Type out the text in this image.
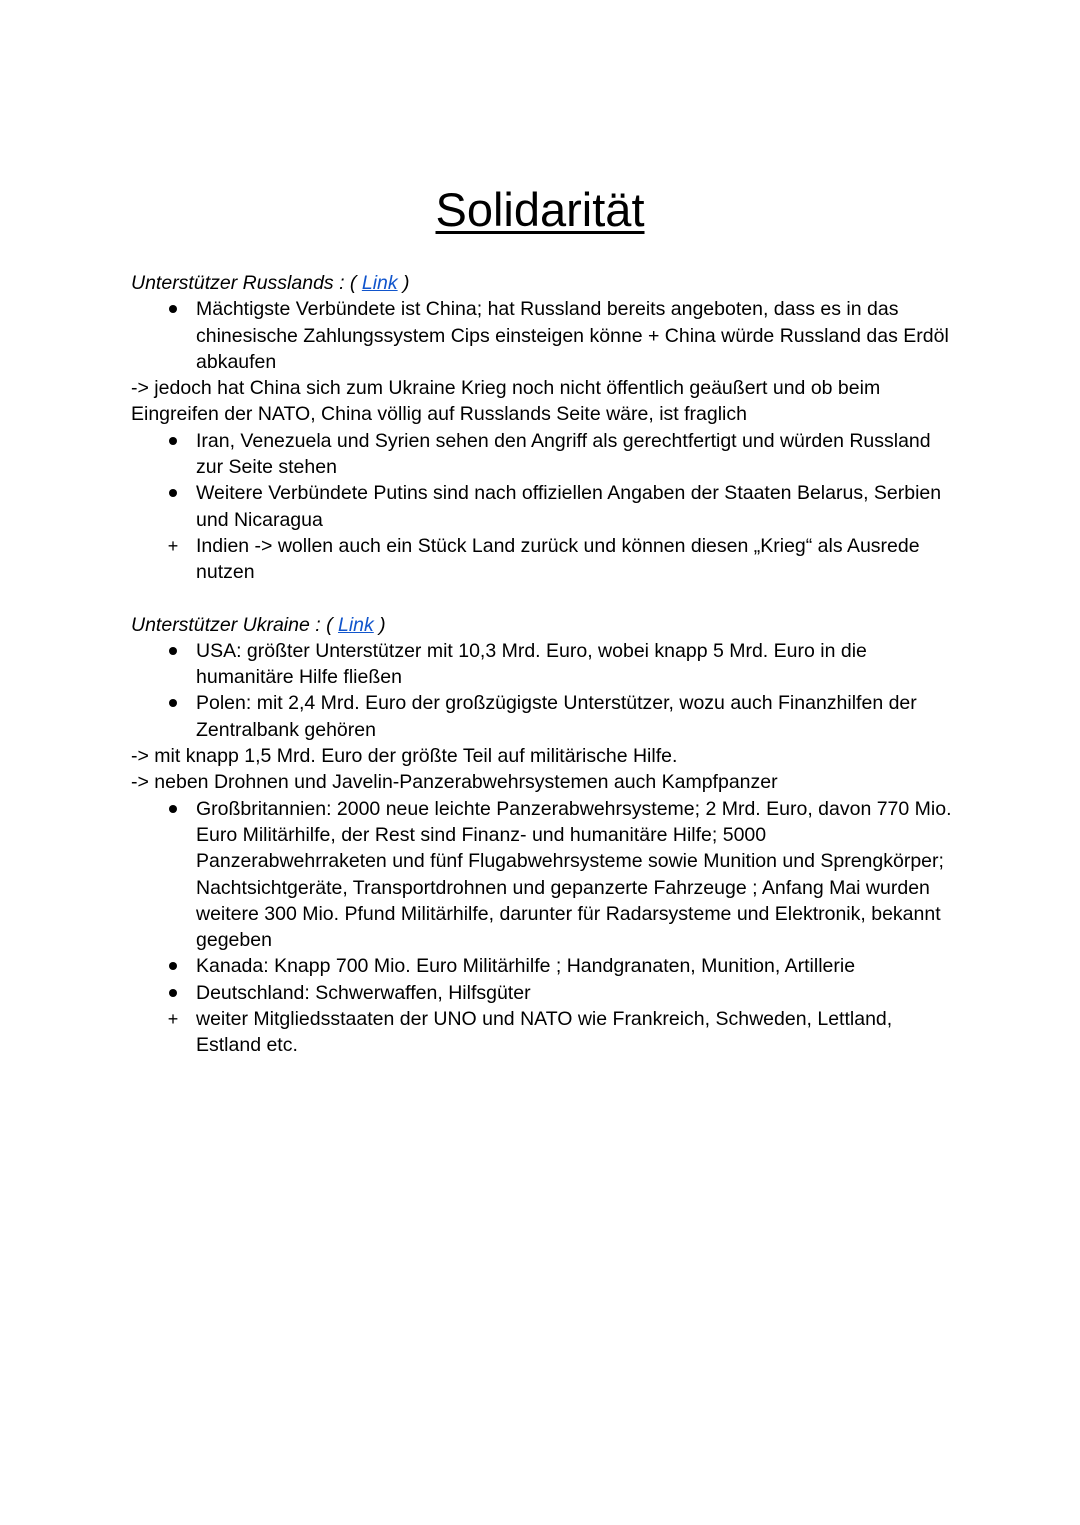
Solidarität

Unterstützer Russlands : ( Link )

Mächtigste Verbündete ist China; hat Russland bereits angeboten, dass es in das chinesische Zahlungssystem Cips einsteigen könne + China würde Russland das Erdöl abkaufen

-> jedoch hat China sich zum Ukraine Krieg noch nicht öffentlich geäußert und ob beim Eingreifen der NATO, China völlig auf Russlands Seite wäre, ist fraglich

Iran, Venezuela und Syrien sehen den Angriff als gerechtfertigt und würden Russland zur Seite stehen
Weitere Verbündete Putins sind nach offiziellen Angaben der Staaten Belarus, Serbien und Nicaragua
+ Indien -> wollen auch ein Stück Land zurück und können diesen „Krieg“ als Ausrede nutzen

Unterstützer Ukraine : ( Link )

USA: größter Unterstützer mit 10,3 Mrd. Euro, wobei knapp 5 Mrd. Euro in die humanitäre Hilfe fließen
Polen: mit 2,4 Mrd. Euro der großzügigste Unterstützer, wozu auch Finanzhilfen der Zentralbank gehören

-> mit knapp 1,5 Mrd. Euro der größte Teil auf militärische Hilfe.

-> neben Drohnen und Javelin-Panzerabwehrsystemen auch Kampfpanzer

Großbritannien: 2000 neue leichte Panzerabwehrsysteme; 2 Mrd. Euro, davon 770 Mio. Euro Militärhilfe, der Rest sind Finanz- und humanitäre Hilfe; 5000 Panzerabwehrraketen und fünf Flugabwehrsysteme sowie Munition und Sprengkörper; Nachtsichtgeräte, Transportdrohnen und gepanzerte Fahrzeuge ; Anfang Mai wurden weitere 300 Mio. Pfund Militärhilfe, darunter für Radarsysteme und Elektronik, bekannt gegeben
Kanada: Knapp 700 Mio. Euro Militärhilfe ; Handgranaten, Munition, Artillerie
Deutschland: Schwerwaffen, Hilfsgüter
+ weiter Mitgliedsstaaten der UNO und NATO wie Frankreich, Schweden, Lettland, Estland etc.
